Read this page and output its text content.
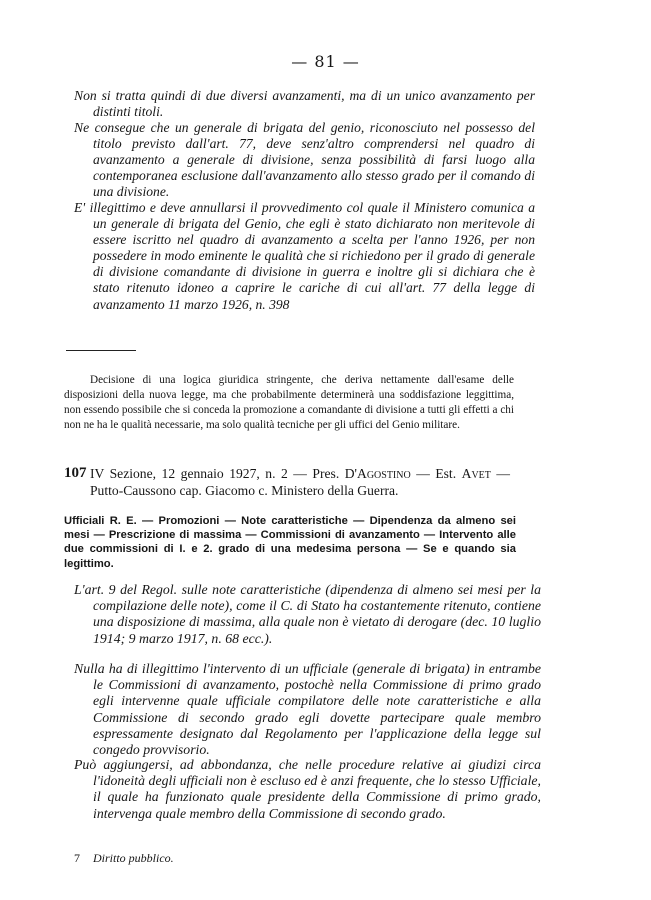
— 81 —

Non si tratta quindi di due diversi avanzamenti, ma di un unico avanzamento per distinti titoli.

Ne consegue che un generale di brigata del genio, riconosciuto nel possesso del titolo previsto dall'art. 77, deve senz'altro comprendersi nel quadro di avanzamento a generale di divisione, senza possibilità di farsi luogo alla contemporanea esclusione dall'avanzamento allo stesso grado per il comando di una divisione.

E' illegittimo e deve annullarsi il provvedimento col quale il Ministero comunica a un generale di brigata del Genio, che egli è stato dichiarato non meritevole di essere iscritto nel quadro di avanzamento a scelta per l'anno 1926, per non possedere in modo eminente le qualità che si richiedono per il grado di generale di divisione comandante di divisione in guerra e inoltre gli si dichiara che è stato ritenuto idoneo a caprire le cariche di cui all'art. 77 della legge di avanzamento 11 marzo 1926, n. 398

Decisione di una logica giuridica stringente, che deriva nettamente dall'esame delle disposizioni della nuova legge, ma che probabilmente determinerà una soddisfazione leggittima, non essendo possibile che si conceda la promozione a comandante di divisione a tutti gli effetti a chi non ne ha le qualità necessarie, ma solo qualità tecniche per gli uffici del Genio militare.

107 IV Sezione, 12 gennaio 1927, n. 2 — Pres. D'Agostino — Est. Avet — Putto-Caussono cap. Giacomo c. Ministero della Guerra.

Ufficiali R. E. — Promozioni — Note caratteristiche — Dipendenza da almeno sei mesi — Prescrizione di massima — Commissioni di avanzamento — Intervento alle due commissioni di I. e 2. grado di una medesima persona — Se e quando sia legittimo.

L'art. 9 del Regol. sulle note caratteristiche (dipendenza di almeno sei mesi per la compilazione delle note), come il C. di Stato ha costantemente ritenuto, contiene una disposizione di massima, alla quale non è vietato di derogare (dec. 10 luglio 1914; 9 marzo 1917, n. 68 ecc.).

Nulla ha di illegittimo l'intervento di un ufficiale (generale di brigata) in entrambe le Commissioni di avanzamento, postochè nella Commissione di primo grado egli intervenne quale ufficiale compilatore delle note caratteristiche e alla Commissione di secondo grado egli dovette partecipare quale membro espressamente designato dal Regolamento per l'applicazione della legge sul congedo provvisorio.

Può aggiungersi, ad abbondanza, che nelle procedure relative ai giudizi circa l'idoneità degli ufficiali non è escluso ed è anzi frequente, che lo stesso Ufficiale, il quale ha funzionato quale presidente della Commissione di primo grado, intervenga quale membro della Commissione di secondo grado.

7 Diritto pubblico.
